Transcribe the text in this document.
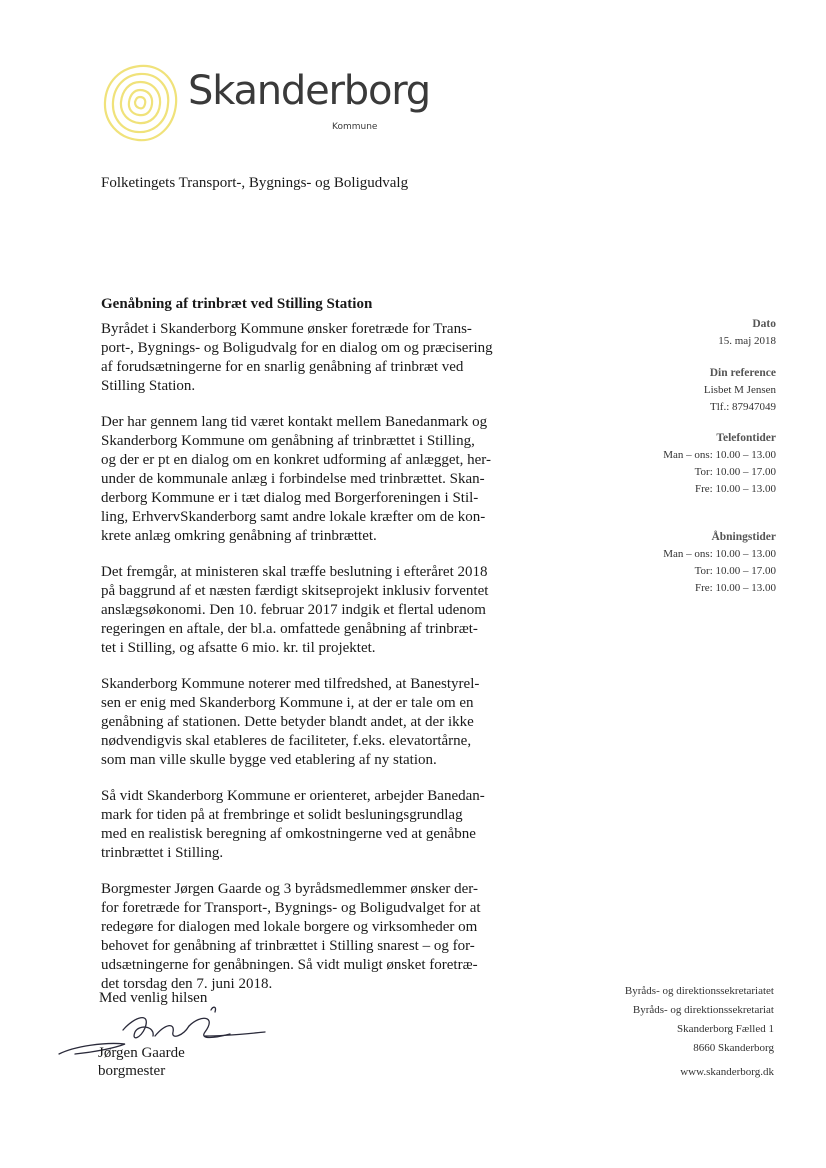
Skanderborg
Kommune
Folketingets Transport-, Bygnings- og Boligudvalg
Genåbning af trinbræt ved Stilling Station

Byrådet i Skanderborg Kommune ønsker foretræde for Trans-
port-, Bygnings- og Boligudvalg for en dialog om og præcisering
af forudsætningerne for en snarlig genåbning af trinbræt ved
Stilling Station.

Der har gennem lang tid været kontakt mellem Banedanmark og
Skanderborg Kommune om genåbning af trinbrættet i Stilling,
og der er pt en dialog om en konkret udforming af anlægget, her-
under de kommunale anlæg i forbindelse med trinbrættet. Skan-
derborg Kommune er i tæt dialog med Borgerforeningen i Stil-
ling, ErhvervSkanderborg samt andre lokale kræfter om de kon-
krete anlæg omkring genåbning af trinbrættet.

Det fremgår, at ministeren skal træffe beslutning i efteråret 2018
på baggrund af et næsten færdigt skitseprojekt inklusiv forventet
anslægsøkonomi. Den 10. februar 2017 indgik et flertal udenom
regeringen en aftale, der bl.a. omfattede genåbning af trinbræt-
tet i Stilling, og afsatte 6 mio. kr. til projektet.

Skanderborg Kommune noterer med tilfredshed, at Banestyrel-
sen er enig med Skanderborg Kommune i, at der er tale om en
genåbning af stationen. Dette betyder blandt andet, at der ikke
nødvendigvis skal etableres de faciliteter, f.eks. elevatortårne,
som man ville skulle bygge ved etablering af ny station.

Så vidt Skanderborg Kommune er orienteret, arbejder Banedan-
mark for tiden på at frembringe et solidt besluningsgrundlag
med en realistisk beregning af omkostningerne ved at genåbne
trinbrættet i Stilling.

Borgmester Jørgen Gaarde og 3 byrådsmedlemmer ønsker der-
for foretræde for Transport-, Bygnings- og Boligudvalget for at
redegøre for dialogen med lokale borgere og virksomheder om
behovet for genåbning af trinbrættet i Stilling snarest – og for-
udsætningerne for genåbningen. Så vidt muligt ønsket foretræ-
det torsdag den 7. juni 2018.

Dato
15. maj 2018
Din reference
Lisbet M Jensen
Tlf.: 87947049
Telefontider
Man – ons: 10.00 – 13.00
Tor: 10.00 – 17.00
Fre: 10.00 – 13.00
Åbningstider
Man – ons: 10.00 – 13.00
Tor: 10.00 – 17.00
Fre: 10.00 – 13.00
Med venlig hilsen
Jørgen Gaarde
borgmester
Byråds- og direktionssekretariatet
Byråds- og direktionssekretariat
Skanderborg Fælled 1
8660 Skanderborg
www.skanderborg.dk
